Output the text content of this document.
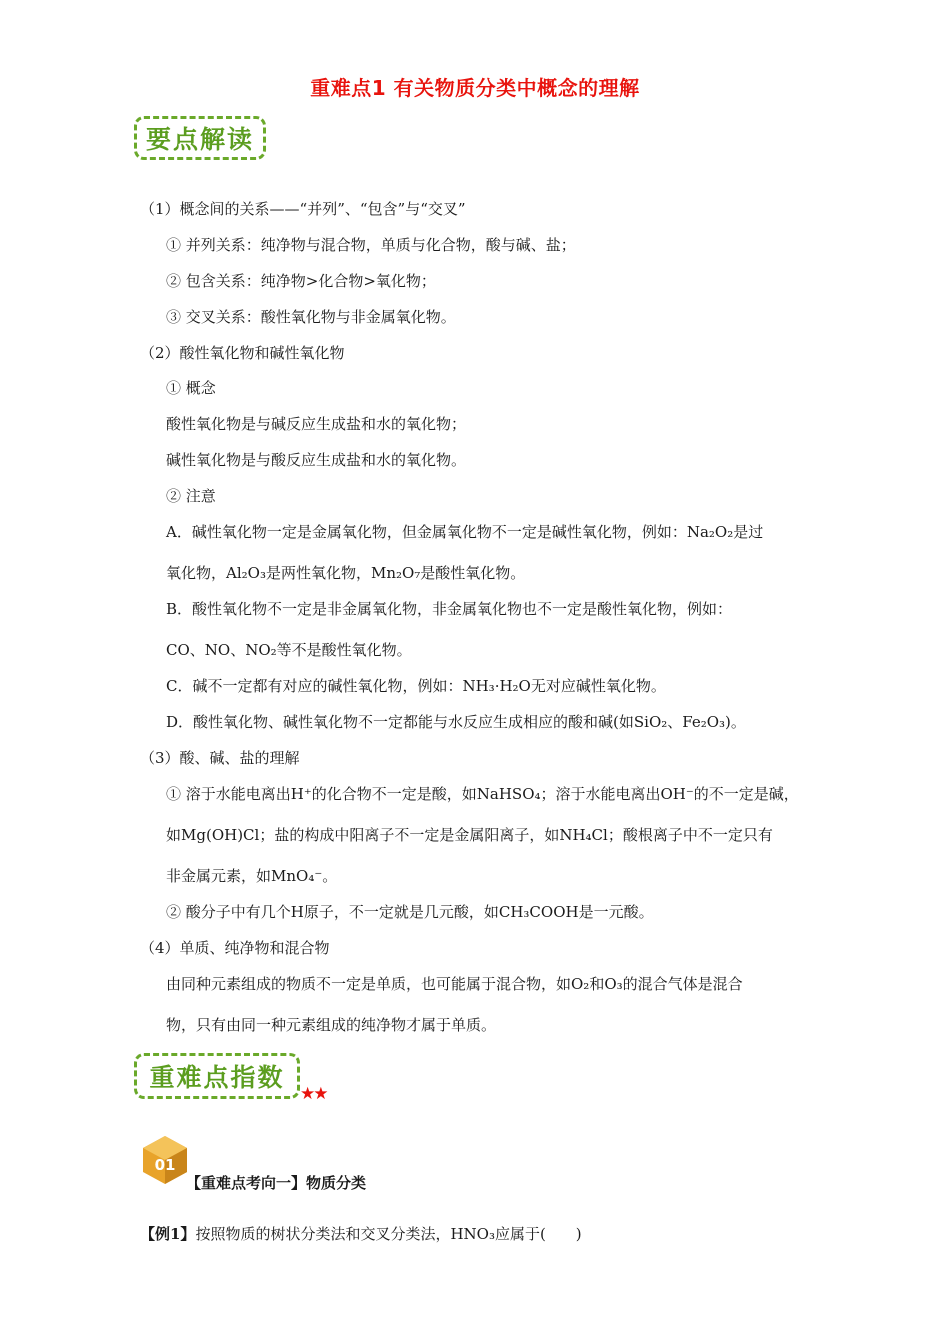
重难点1 有关物质分类中概念的理解
要点解读
（1）概念间的关系——“并列”、“包含”与“交叉”
① 并列关系：纯净物与混合物，单质与化合物，酸与碱、盐；
② 包含关系：纯净物>化合物>氧化物；
③ 交叉关系：酸性氧化物与非金属氧化物。
（2）酸性氧化物和碱性氧化物
① 概念
酸性氧化物是与碱反应生成盐和水的氧化物；
碱性氧化物是与酸反应生成盐和水的氧化物。
② 注意
A．碱性氧化物一定是金属氧化物，但金属氧化物不一定是碱性氧化物，例如：Na₂O₂是过
氧化物，Al₂O₃是两性氧化物，Mn₂O₇是酸性氧化物。
B．酸性氧化物不一定是非金属氧化物，非金属氧化物也不一定是酸性氧化物，例如：
CO、NO、NO₂等不是酸性氧化物。
C．碱不一定都有对应的碱性氧化物，例如：NH₃·H₂O无对应碱性氧化物。
D．酸性氧化物、碱性氧化物不一定都能与水反应生成相应的酸和碱(如SiO₂、Fe₂O₃)。
（3）酸、碱、盐的理解
① 溶于水能电离出H⁺的化合物不一定是酸，如NaHSO₄；溶于水能电离出OH⁻的不一定是碱，
如Mg(OH)Cl；盐的构成中阳离子不一定是金属阳离子，如NH₄Cl；酸根离子中不一定只有
非金属元素，如MnO₄⁻。
② 酸分子中有几个H原子，不一定就是几元酸，如CH₃COOH是一元酸。
（4）单质、纯净物和混合物
由同种元素组成的物质不一定是单质，也可能属于混合物，如O₂和O₃的混合气体是混合
物，只有由同一种元素组成的纯净物才属于单质。
重难点指数
★★
01
【重难点考向一】物质分类
【例1】按照物质的树状分类法和交叉分类法，HNO₃应属于(　　)
